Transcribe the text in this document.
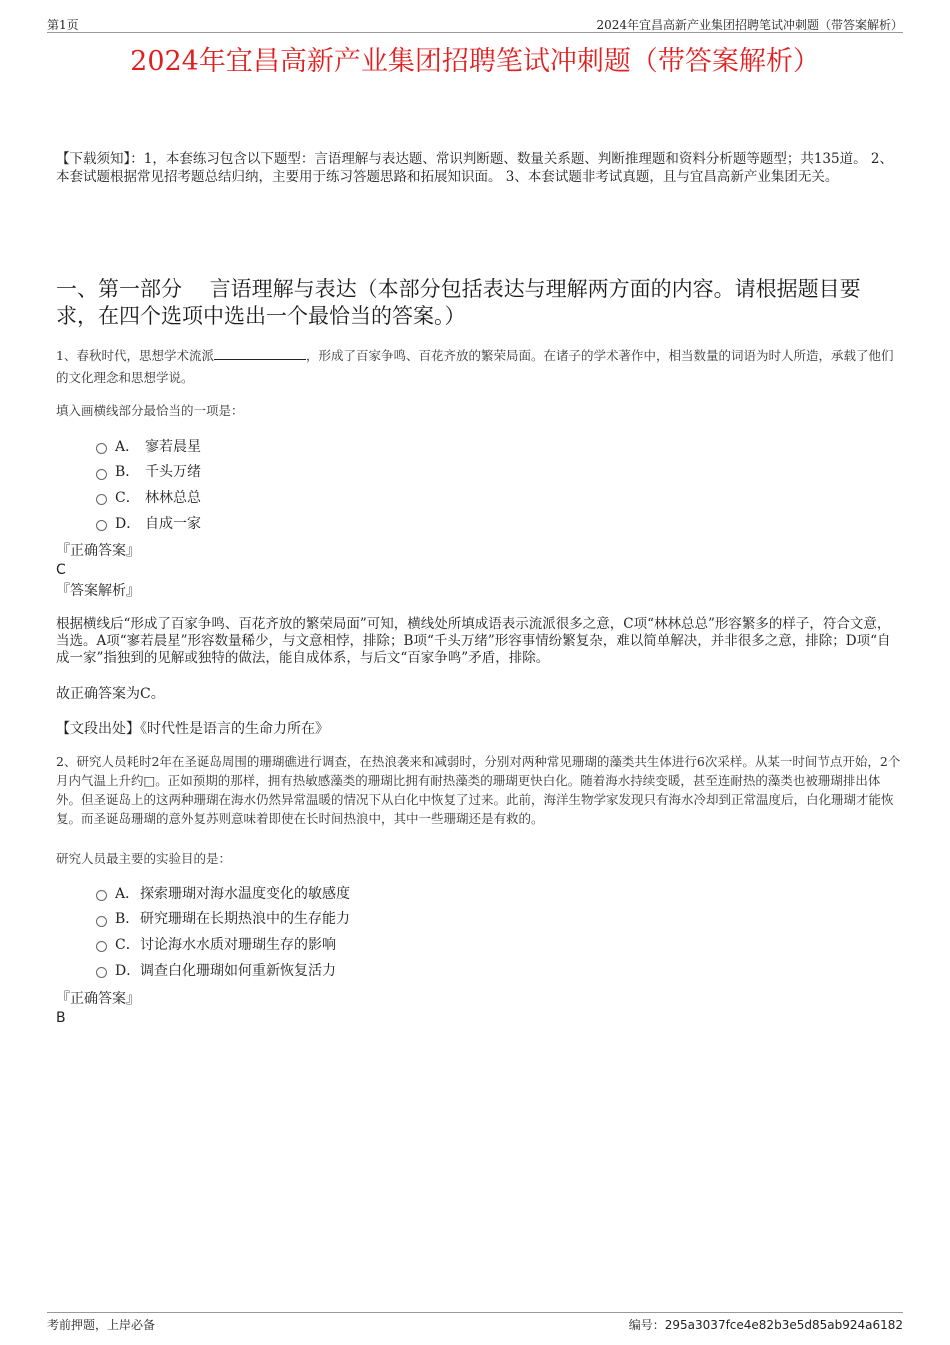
第1页	2024年宜昌高新产业集团招聘笔试冲刺题（带答案解析）
2024年宜昌高新产业集团招聘笔试冲刺题（带答案解析）
【下载须知】：1，本套练习包含以下题型：言语理解与表达题、常识判断题、数量关系题、判断推理题和资料分析题等题型；共135道。 2、本套试题根据常见招考题总结归纳，主要用于练习答题思路和拓展知识面。 3、本套试题非考试真题，且与宜昌高新产业集团无关。
一、第一部分　 言语理解与表达（本部分包括表达与理解两方面的内容。请根据题目要求，在四个选项中选出一个最恰当的答案。）
1、春秋时代，思想学术流派	，形成了百家争鸣、百花齐放的繁荣局面。在诸子的学术著作中，相当数量的词语为时人所造，承载了他们的文化理念和思想学说。
填入画横线部分最恰当的一项是：
A． 寥若晨星
B． 千头万绪
C． 林林总总
D． 自成一家
『正确答案』
C
『答案解析』
根据横线后“形成了百家争鸣、百花齐放的繁荣局面”可知，横线处所填成语表示流派很多之意，C项“林林总总”形容繁多的样子，符合文意，当选。A项“寥若晨星”形容数量稀少，与文意相悖，排除；B项“千头万绪”形容事情纷繁复杂，难以简单解决，并非很多之意，排除；D项“自成一家”指独到的见解或独特的做法，能自成体系，与后文“百家争鸣”矛盾，排除。
故正确答案为C。
【文段出处】《时代性是语言的生命力所在》
2、研究人员耗时2年在圣诞岛周围的珊瑚礁进行调查，在热浪袭来和减弱时，分别对两种常见珊瑚的藻类共生体进行6次采样。从某一时间节点开始，2个月内气温上升约□。正如预期的那样，拥有热敏感藻类的珊瑚比拥有耐热藻类的珊瑚更快白化。随着海水持续变暖，甚至连耐热的藻类也被珊瑚排出体外。但圣诞岛上的这两种珊瑚在海水仍然异常温暖的情况下从白化中恢复了过来。此前，海洋生物学家发现只有海水冷却到正常温度后，白化珊瑚才能恢复。而圣诞岛珊瑚的意外复苏则意味着即使在长时间热浪中，其中一些珊瑚还是有救的。
研究人员最主要的实验目的是：
A． 探索珊瑚对海水温度变化的敏感度
B． 研究珊瑚在长期热浪中的生存能力
C． 讨论海水水质对珊瑚生存的影响
D． 调查白化珊瑚如何重新恢复活力
『正确答案』
B
考前押题，上岸必备	编号：295a3037fce4e82b3e5d85ab924a6182
